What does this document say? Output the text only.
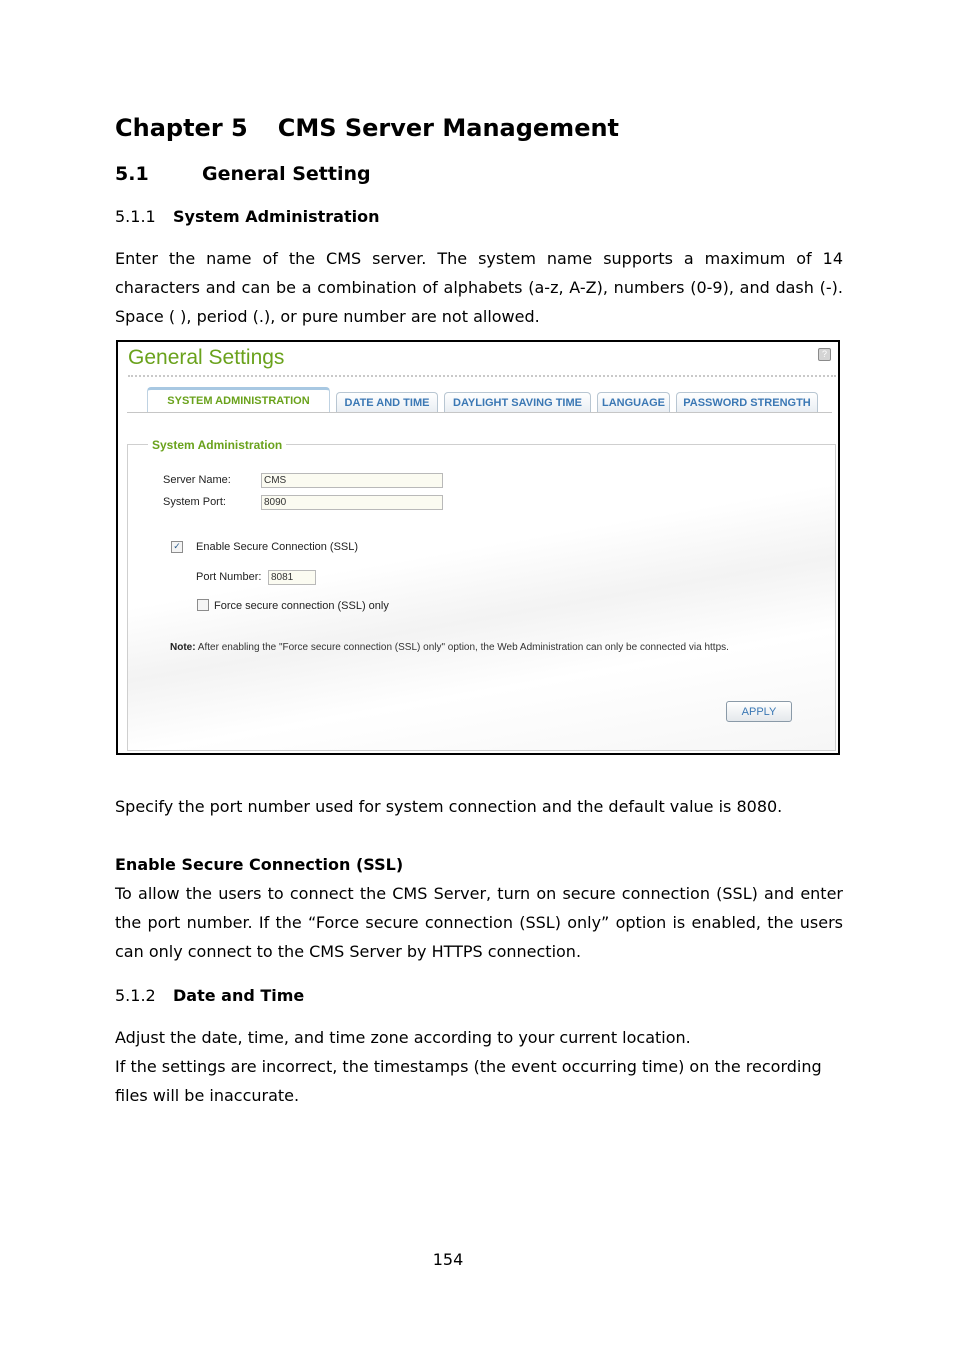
Chapter 5 CMS Server Management
5.1	General Setting
5.1.1 System Administration
Enter the name of the CMS server. The system name supports a maximum of 14 characters and can be a combination of alphabets (a-z, A-Z), numbers (0-9), and dash (-). Space ( ), period (.), or pure number are not allowed.
General Settings	?
SYSTEM ADMINISTRATION	DATE AND TIME	DAYLIGHT SAVING TIME	LANGUAGE	PASSWORD STRENGTH
System Administration
Server Name:	CMS
System Port:	8090
✓ Enable Secure Connection (SSL)
Port Number: 8081
Force secure connection (SSL) only
Note: After enabling the "Force secure connection (SSL) only" option, the Web Administration can only be connected via https.
APPLY
Specify the port number used for system connection and the default value is 8080.
Enable Secure Connection (SSL)
To allow the users to connect the CMS Server, turn on secure connection (SSL) and enter the port number. If the “Force secure connection (SSL) only” option is enabled, the users can only connect to the CMS Server by HTTPS connection.
5.1.2 Date and Time
Adjust the date, time, and time zone according to your current location.
If the settings are incorrect, the timestamps (the event occurring time) on the recording files will be inaccurate.
154
